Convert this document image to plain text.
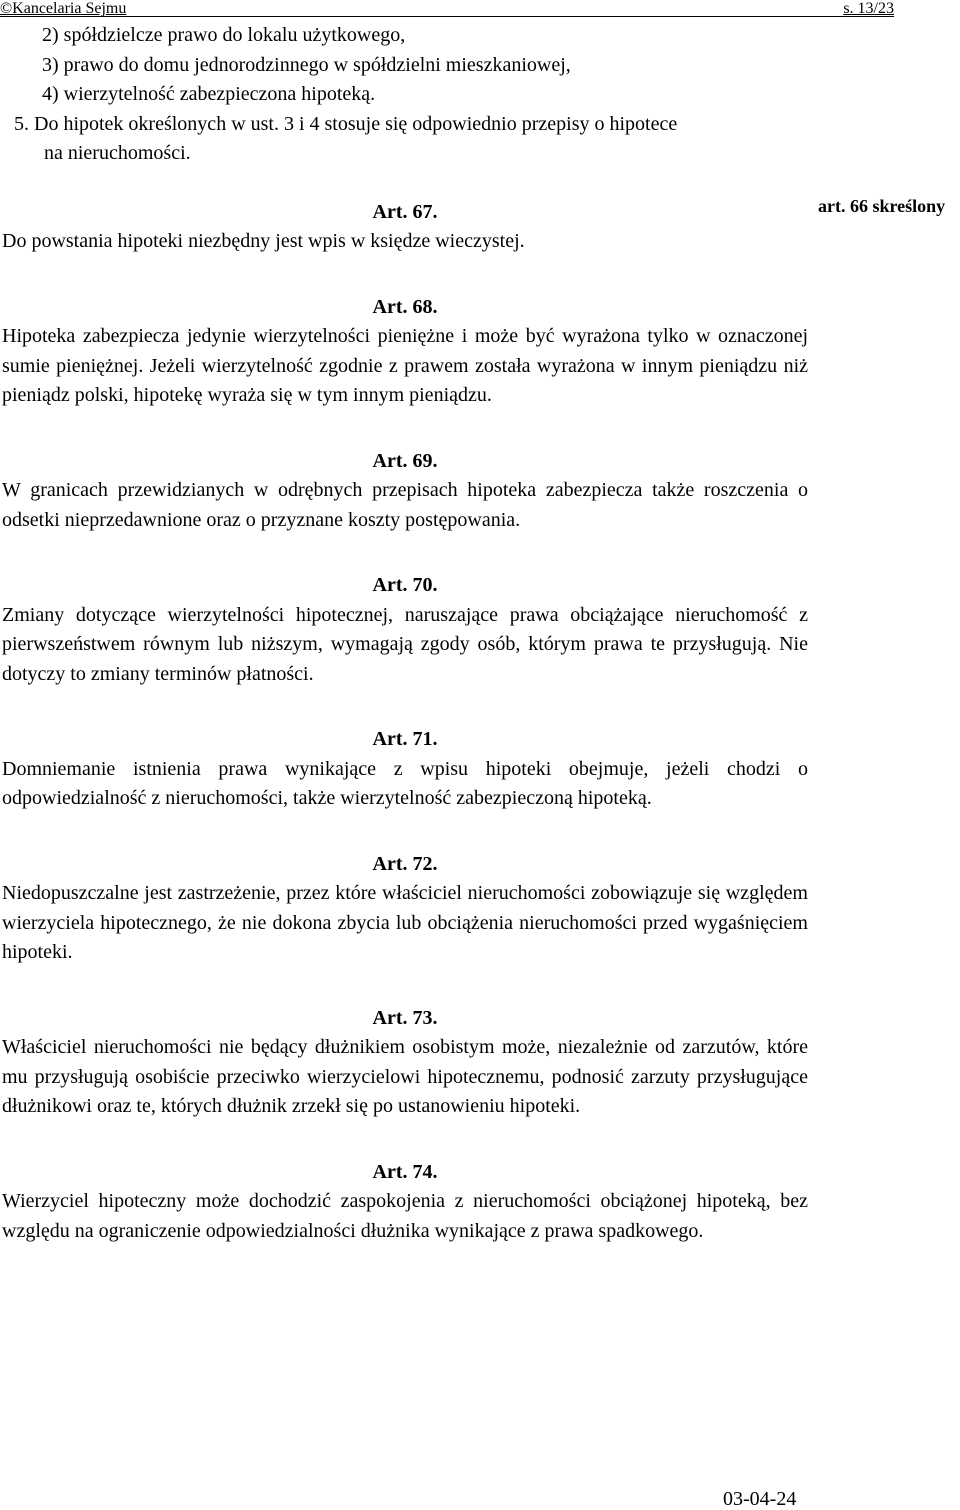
©Kancelaria Sejmu	s. 13/23

2) spółdzielcze prawo do lokalu użytkowego,

3) prawo do domu jednorodzinnego w spółdzielni mieszkaniowej,

4) wierzytelność zabezpieczona hipoteką.

5. Do hipotek określonych w ust. 3 i 4 stosuje się odpowiednio przepisy o hipotece

na nieruchomości.

Art. 67.

Do powstania hipoteki niezbędny jest wpis w księdze wieczystej.

Art. 68.

Hipoteka zabezpiecza jedynie wierzytelności pieniężne i może być wyrażona tylko w oznaczonej sumie pieniężnej. Jeżeli wierzytelność zgodnie z prawem została wyrażona w innym pieniądzu niż pieniądz polski, hipotekę wyraża się w tym innym pieniądzu.

Art. 69.

W granicach przewidzianych w odrębnych przepisach hipoteka zabezpiecza także roszczenia o odsetki nieprzedawnione oraz o przyznane koszty postępowania.

Art. 70.

Zmiany dotyczące wierzytelności hipotecznej, naruszające prawa obciążające nieruchomość z pierwszeństwem równym lub niższym, wymagają zgody osób, którym prawa te przysługują. Nie dotyczy to zmiany terminów płatności.

Art. 71.

Domniemanie istnienia prawa wynikające z wpisu hipoteki obejmuje, jeżeli chodzi o odpowiedzialność z nieruchomości, także wierzytelność zabezpieczoną hipoteką.

Art. 72.

Niedopuszczalne jest zastrzeżenie, przez które właściciel nieruchomości zobowiązuje się względem wierzyciela hipotecznego, że nie dokona zbycia lub obciążenia nieruchomości przed wygaśnięciem hipoteki.

Art. 73.

Właściciel nieruchomości nie będący dłużnikiem osobistym może, niezależnie od zarzutów, które mu przysługują osobiście przeciwko wierzycielowi hipotecznemu, podnosić zarzuty przysługujące dłużnikowi oraz te, których dłużnik zrzekł się po ustanowieniu hipoteki.

Art. 74.

Wierzyciel hipoteczny może dochodzić zaspokojenia z nieruchomości obciążonej hipoteką, bez względu na ograniczenie odpowiedzialności dłużnika wynikające z prawa spadkowego.

art. 66 skreślony
03-04-24
